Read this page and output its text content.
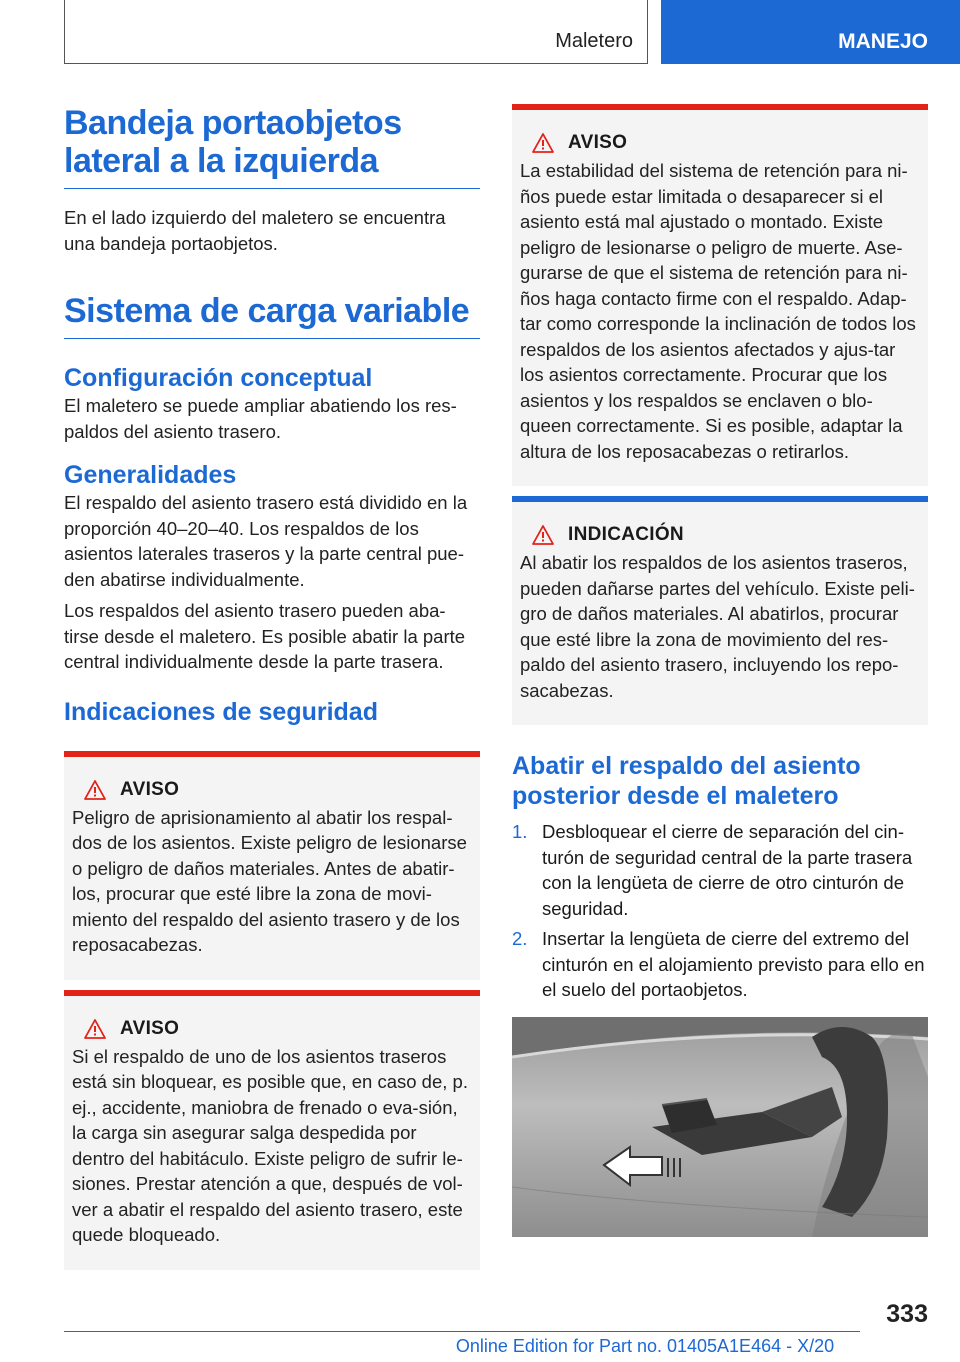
Maletero	MANEJO
Bandeja portaobjetos lateral a la izquierda

En el lado izquierdo del maletero se encuentra una bandeja portaobjetos.

Sistema de carga variable
Configuración conceptual

El maletero se puede ampliar abatiendo los res-paldos del asiento trasero.

Generalidades

El respaldo del asiento trasero está dividido en la proporción 40–20–40. Los respaldos de los asientos laterales traseros y la parte central pue-den abatirse individualmente.

Los respaldos del asiento trasero pueden aba-tirse desde el maletero. Es posible abatir la parte central individualmente desde la parte trasera.

Indicaciones de seguridad
AVISO
Peligro de aprisionamiento al abatir los respal-dos de los asientos. Existe peligro de lesionarse o peligro de daños materiales. Antes de abatir-los, procurar que esté libre la zona de movi-miento del respaldo del asiento trasero y de los reposacabezas.
AVISO
Si el respaldo de uno de los asientos traseros está sin bloquear, es posible que, en caso de, p. ej., accidente, maniobra de frenado o eva-sión, la carga sin asegurar salga despedida por dentro del habitáculo. Existe peligro de sufrir le-siones. Prestar atención a que, después de vol-ver a abatir el respaldo del asiento trasero, este quede bloqueado.
AVISO
La estabilidad del sistema de retención para ni-ños puede estar limitada o desaparecer si el asiento está mal ajustado o montado. Existe peligro de lesionarse o peligro de muerte. Ase-gurarse de que el sistema de retención para ni-ños haga contacto firme con el respaldo. Adap-tar como corresponde la inclinación de todos los respaldos de los asientos afectados y ajus-tar los asientos correctamente. Procurar que los asientos y los respaldos se enclaven o blo-queen correctamente. Si es posible, adaptar la altura de los reposacabezas o retirarlos.
INDICACIÓN
Al abatir los respaldos de los asientos traseros, pueden dañarse partes del vehículo. Existe peli-gro de daños materiales. Al abatirlos, procurar que esté libre la zona de movimiento del res-paldo del asiento trasero, incluyendo los repo-sacabezas.
Abatir el respaldo del asiento posterior desde el maletero
1. Desbloquear el cierre de separación del cin-turón de seguridad central de la parte trasera con la lengüeta de cierre de otro cinturón de seguridad.
2. Insertar la lengüeta de cierre del extremo del cinturón en el alojamiento previsto para ello en el suelo del portaobjetos.
333
Online Edition for Part no. 01405A1E464 - X/20
